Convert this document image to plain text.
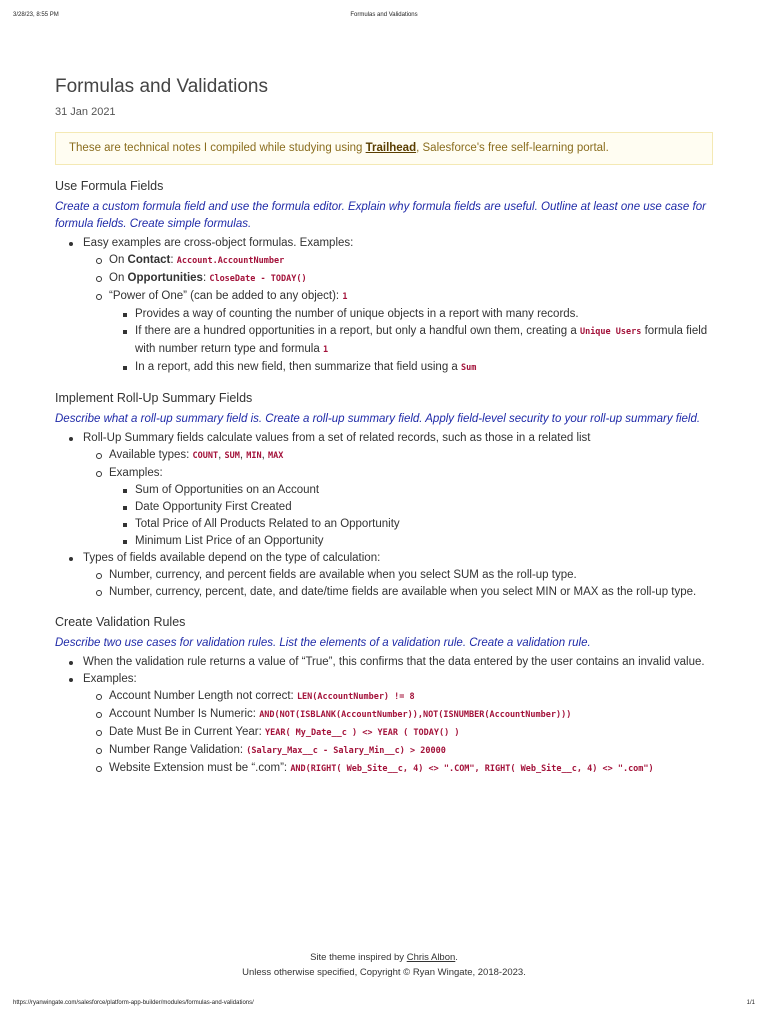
3/28/23, 8:55 PM	Formulas and Validations
Formulas and Validations
31 Jan 2021
These are technical notes I compiled while studying using Trailhead, Salesforce's free self-learning portal.
Use Formula Fields

Create a custom formula field and use the formula editor. Explain why formula fields are useful. Outline at least one use case for formula fields. Create simple formulas.

Easy examples are cross-object formulas. Examples:
On Contact: Account.AccountNumber
On Opportunities: CloseDate - TODAY()
“Power of One” (can be added to any object): 1
Provides a way of counting the number of unique objects in a report with many records.
If there are a hundred opportunities in a report, but only a handful own them, creating a Unique Users formula field with number return type and formula 1
In a report, add this new field, then summarize that field using a Sum
Implement Roll-Up Summary Fields

Describe what a roll-up summary field is. Create a roll-up summary field. Apply field-level security to your roll-up summary field.

Roll-Up Summary fields calculate values from a set of related records, such as those in a related list
Available types: COUNT, SUM, MIN, MAX
Examples:
Sum of Opportunities on an Account
Date Opportunity First Created
Total Price of All Products Related to an Opportunity
Minimum List Price of an Opportunity
Types of fields available depend on the type of calculation:
Number, currency, and percent fields are available when you select SUM as the roll-up type.
Number, currency, percent, date, and date/time fields are available when you select MIN or MAX as the roll-up type.
Create Validation Rules

Describe two use cases for validation rules. List the elements of a validation rule. Create a validation rule.

When the validation rule returns a value of “True”, this confirms that the data entered by the user contains an invalid value.
Examples:
Account Number Length not correct: LEN(AccountNumber) != 8
Account Number Is Numeric: AND(NOT(ISBLANK(AccountNumber)),NOT(ISNUMBER(AccountNumber)))
Date Must Be in Current Year: YEAR( My_Date__c ) <> YEAR ( TODAY() )
Number Range Validation: (Salary_Max__c - Salary_Min__c) > 20000
Website Extension must be “.com”: AND(RIGHT( Web_Site__c, 4) <> ".COM", RIGHT( Web_Site__c, 4) <> ".com")
Site theme inspired by Chris Albon.
Unless otherwise specified, Copyright © Ryan Wingate, 2018-2023.
https://ryanwingate.com/salesforce/platform-app-builder/modules/formulas-and-validations/	1/1
